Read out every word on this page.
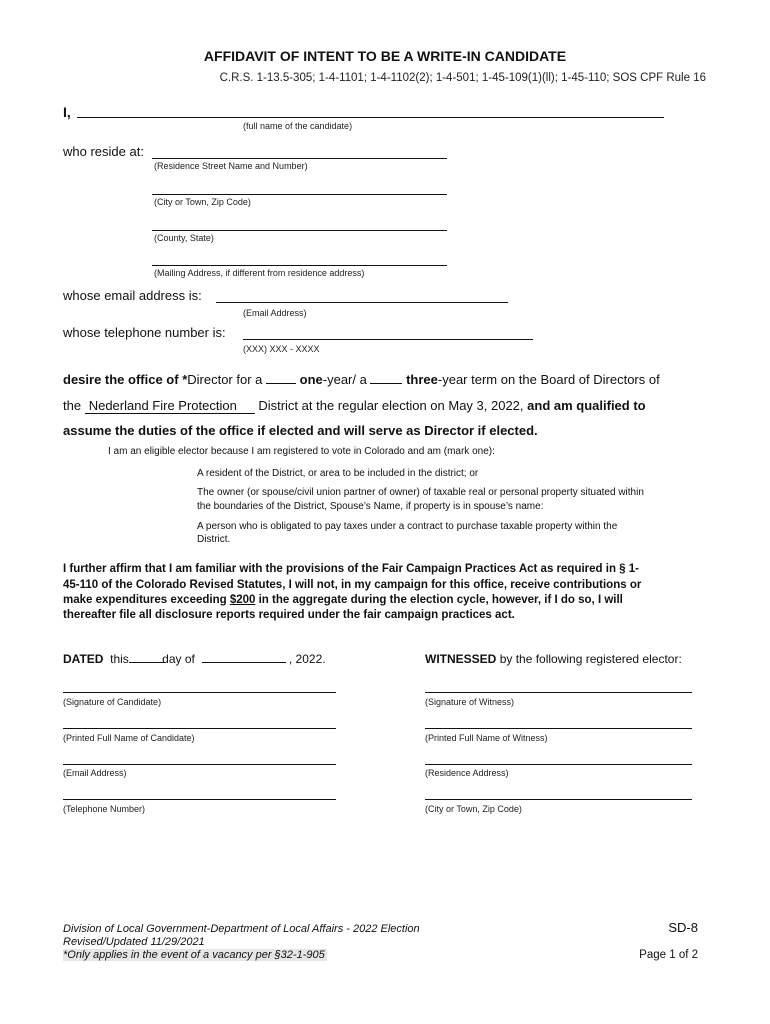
AFFIDAVIT OF INTENT TO BE A WRITE-IN CANDIDATE
C.R.S. 1-13.5-305; 1-4-1101; 1-4-1102(2); 1-4-501; 1-45-109(1)(ll); 1-45-110; SOS CPF Rule 16
I,
(full name of the candidate)
who reside at:
(Residence Street Name and Number)
(City or Town, Zip Code)
(County, State)
(Mailing Address, if different from residence address)
whose email address is:
(Email Address)
whose telephone number is:
(XXX) XXX - XXXX
desire the office of *Director for a	one-year/ a	three-year term on the Board of Directors of
the Nederland Fire Protection District at the regular election on May 3, 2022, and am qualified to
assume the duties of the office if elected and will serve as Director if elected.
I am an eligible elector because I am registered to vote in Colorado and am (mark one):
A resident of the District, or area to be included in the district; or
The owner (or spouse/civil union partner of owner) of taxable real or personal property situated within
the boundaries of the District, Spouse’s Name, if property is in spouse’s name:
A person who is obligated to pay taxes under a contract to purchase taxable property within the
District.
I further affirm that I am familiar with the provisions of the Fair Campaign Practices Act as required in § 1-
45-110 of the Colorado Revised Statutes, I will not, in my campaign for this office, receive contributions or
make expenditures exceeding $200 in the aggregate during the election cycle, however, if I do so, I will
thereafter file all disclosure reports required under the fair campaign practices act.
DATED this	day of	, 2022.	WITNESSED by the following registered elector:
(Signature of Candidate)
(Printed Full Name of Candidate)
(Email Address)
(Telephone Number)
(Signature of Witness)
(Printed Full Name of Witness)
(Residence Address)
(City or Town, Zip Code)
Division of Local Government-Department of Local Affairs - 2022 Election
Revised/Updated 11/29/2021
*Only applies in the event of a vacancy per §32-1-905
SD-8
Page 1 of 2
